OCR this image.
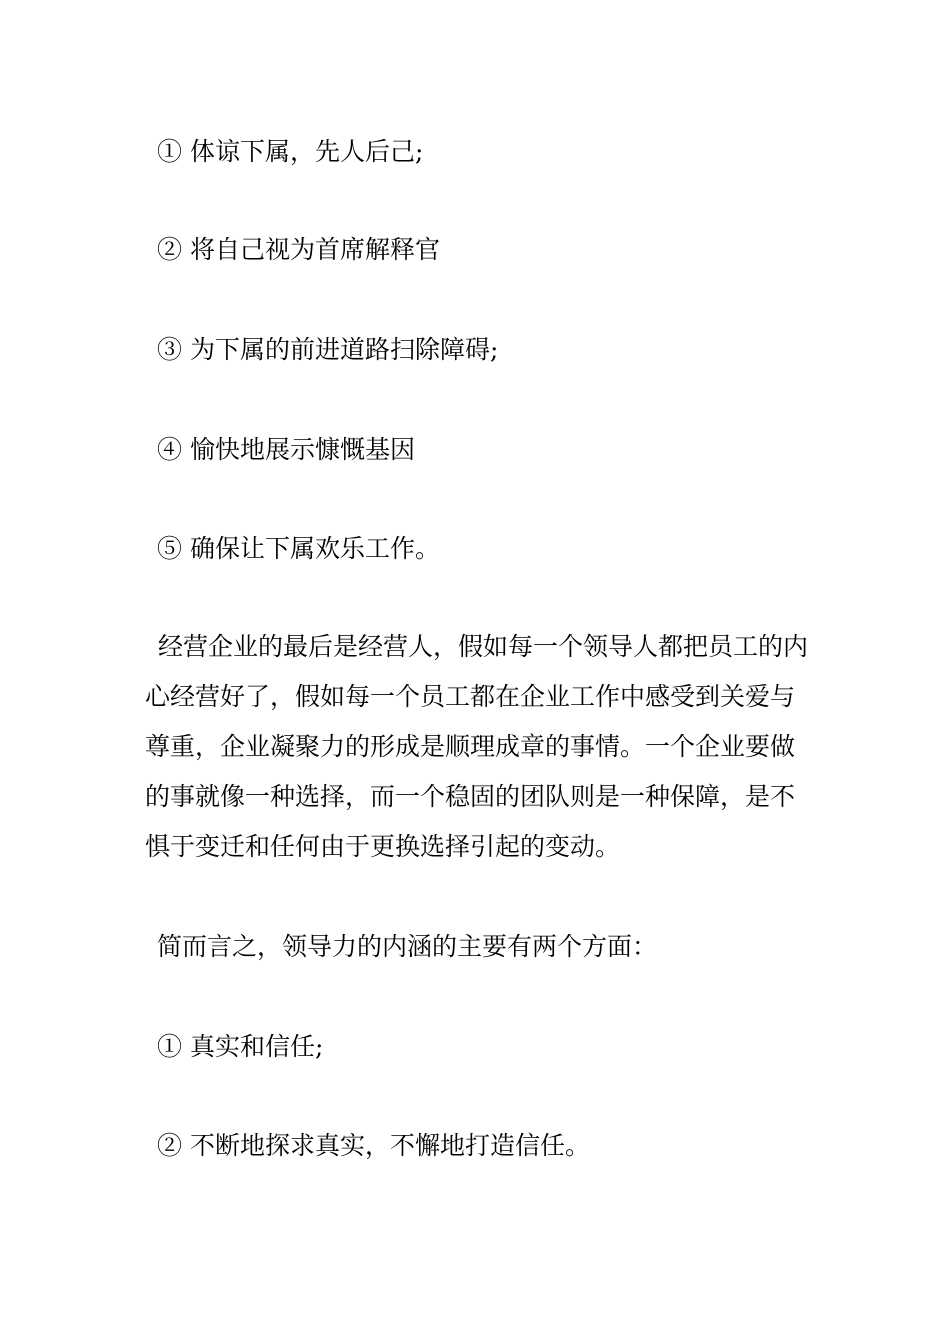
① 体谅下属，先人后己;

② 将自己视为首席解释官

③ 为下属的前进道路扫除障碍;

④ 愉快地展示慷慨基因

⑤ 确保让下属欢乐工作。

经营企业的最后是经营人，假如每一个领导人都把员工的内心经营好了，假如每一个员工都在企业工作中感受到关爱与尊重，企业凝聚力的形成是顺理成章的事情。一个企业要做的事就像一种选择，而一个稳固的团队则是一种保障，是不惧于变迁和任何由于更换选择引起的变动。

简而言之，领导力的内涵的主要有两个方面：

① 真实和信任;

② 不断地探求真实，不懈地打造信任。
